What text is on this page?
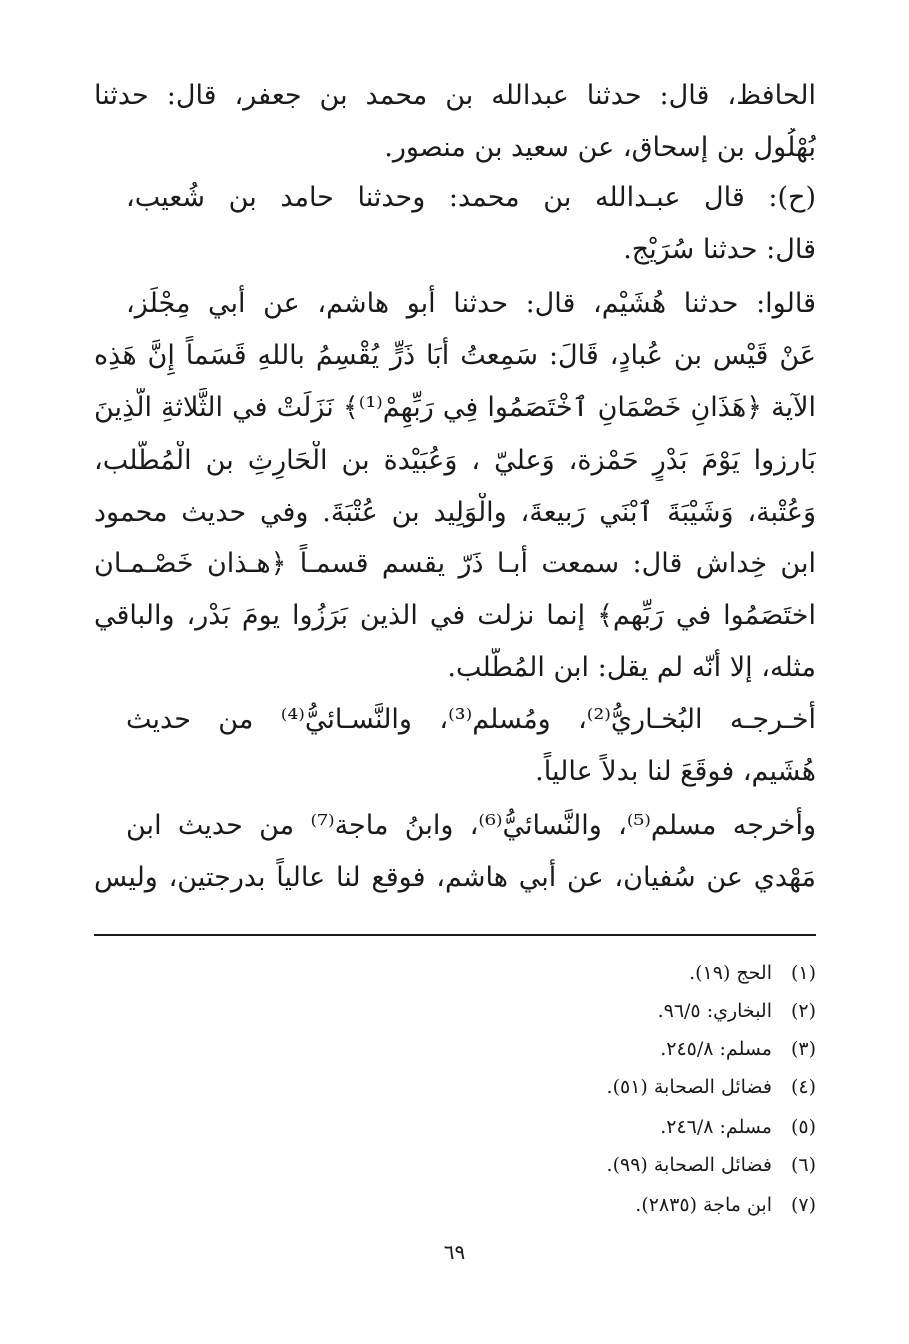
الحافظ، قال: حدثنا عبدالله بن محمد بن جعفر، قال: حدثنا
بُهْلُول بن إسحاق، عن سعيد بن منصور.
(ح): قال عبـدالله بن محمد: وحدثنا حامد بن شُعيب،
قال: حدثنا سُرَيْج.
قالوا: حدثنا هُشَيْم، قال: حدثنا أبو هاشم، عن أبي مِجْلَز،
عَنْ قَيْس بن عُبادٍ، قَالَ: سَمِعتُ أَبَا ذَرٍّ يُقْسِمُ باللهِ قَسَماً إِنَّ هَذِه
الآية ﴿هَذَانِ خَصْمَانِ ٱخْتَصَمُوا فِي رَبِّهِمْ⁽¹⁾﴾ نَزَلَتْ في الثَّلاثةِ الَّذِينَ
بَارزوا يَوْمَ بَدْرٍ حَمْزة، وَعليّ ، وَعُبَيْدة بن الْحَارِثِ بن الْمُطَّلب،
وَعُتْبة، وَشَيْبَةَ ٱبْنَي رَبيعةَ، والْوَلِيد بن عُتْبَةَ. وفي حديث محمود
ابن خِداش قال: سمعت أبـا ذَرّ يقسم قسمـاً ﴿هـذان خَصْـمـان
اختَصَمُوا في رَبِّهم﴾ إنما نزلت في الذين بَرَزُوا يومَ بَدْر، والباقي
مثله، إلا أنّه لم يقل: ابن المُطَّلب.
أخـرجـه البُخـاريُّ⁽²⁾، ومُسلم⁽³⁾، والنَّسـائيُّ⁽⁴⁾ من حديث
هُشَيم، فوقَعَ لنا بدلاً عالياً.
وأخرجه مسلم⁽⁵⁾، والنَّسائيُّ⁽⁶⁾، وابنُ ماجة⁽⁷⁾ من حديث ابن
مَهْدي عن سُفيان، عن أبي هاشم، فوقع لنا عالياً بدرجتين، وليس
(١)الحج (١٩).
(٢)البخاري: ٩٦/٥.
(٣)مسلم: ٢٤٥/٨.
(٤)فضائل الصحابة (٥١).
(٥)مسلم: ٢٤٦/٨.
(٦)فضائل الصحابة (٩٩).
(٧)ابن ماجة (٢٨٣٥).
٦٩
